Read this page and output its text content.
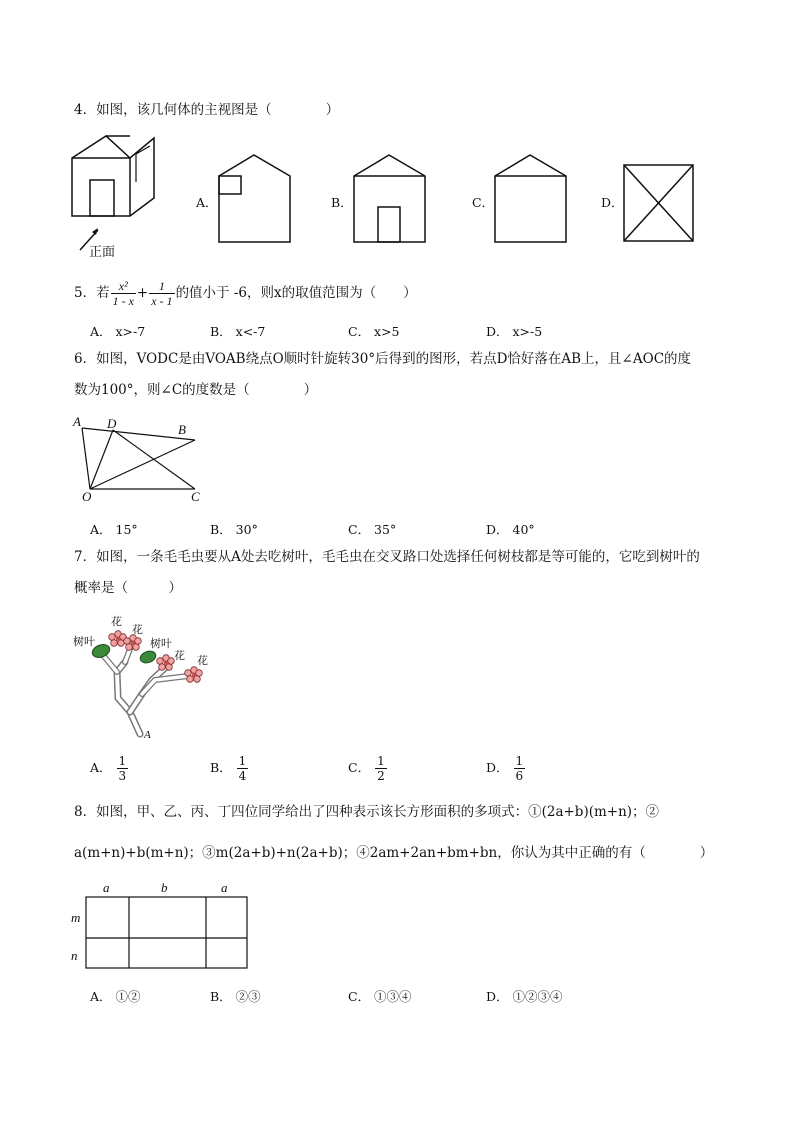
4．如图，该几何体的主视图是（　　　　）
正面
A．	B．	C．	D．
5．若 $\frac{\text{x²}}{1 - x} + \frac{1}{x - 1}$ 的值小于 -6，则x的取值范围为（　　）
A． x>-7	B． x<-7	C． x>5	D． x>-5
6．如图，VODC是由VOAB绕点O顺时针旋转30°后得到的图形，若点D恰好落在AB上，且∠AOC的度
数为100°，则∠C的度数是（　　　　）
A D	B
O	C
A． 15°	B． 30°	C． 35°	D． 40°
7．如图，一条毛毛虫要从A处去吃树叶，毛毛虫在交叉路口处选择任何树枝都是等可能的，它吃到树叶的
概率是（　　　）
树叶
花
花
树叶
花 花
A
A． $\frac{1}{3}$	B． $\frac{1}{4}$	C． $\frac{1}{2}$	D． $\frac{1}{6}$
8．如图，甲、乙、丙、丁四位同学给出了四种表示该长方形面积的多项式：①(2a+b)(m+n)；②
a(m+n)+b(m+n)；③m(2a+b)+n(2a+b)；④2am+2an+bm+bn，你认为其中正确的有（　　　　）
a	b	a
m
n
A． ①②	B． ②③	C． ①③④	D． ①②③④
